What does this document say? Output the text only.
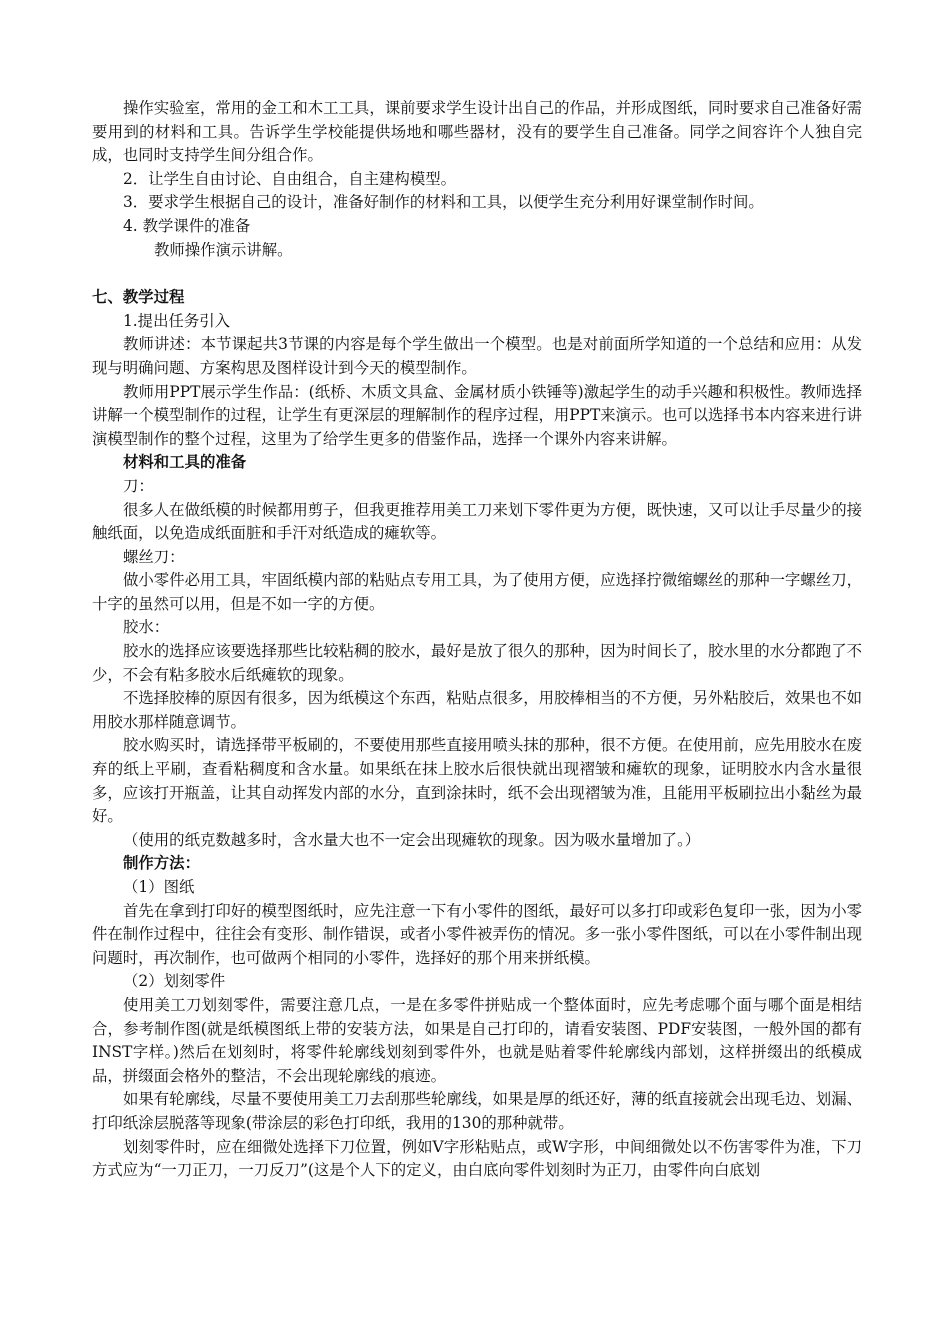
操作实验室，常用的金工和木工工具，课前要求学生设计出自己的作品，并形成图纸，同时要求自己准备好需要用到的材料和工具。告诉学生学校能提供场地和哪些器材，没有的要学生自己准备。同学之间容许个人独自完成，也同时支持学生间分组合作。

2．让学生自由讨论、自由组合，自主建构模型。

3．要求学生根据自己的设计，准备好制作的材料和工具，以便学生充分利用好课堂制作时间。

4. 教学课件的准备

教师操作演示讲解。

七、教学过程

1.提出任务引入

教师讲述：本节课起共3节课的内容是每个学生做出一个模型。也是对前面所学知道的一个总结和应用：从发现与明确问题、方案构思及图样设计到今天的模型制作。

教师用PPT展示学生作品：(纸桥、木质文具盒、金属材质小铁锤等)激起学生的动手兴趣和积极性。教师选择讲解一个模型制作的过程，让学生有更深层的理解制作的程序过程，用PPT来演示。也可以选择书本内容来进行讲演模型制作的整个过程，这里为了给学生更多的借鉴作品，选择一个课外内容来讲解。

材料和工具的准备

刀：

很多人在做纸模的时候都用剪子，但我更推荐用美工刀来划下零件更为方便，既快速，又可以让手尽量少的接触纸面，以免造成纸面脏和手汗对纸造成的瘫软等。

螺丝刀：

做小零件必用工具，牢固纸模内部的粘贴点专用工具，为了使用方便，应选择拧微缩螺丝的那种一字螺丝刀，十字的虽然可以用，但是不如一字的方便。

胶水：

胶水的选择应该要选择那些比较粘稠的胶水，最好是放了很久的那种，因为时间长了，胶水里的水分都跑了不少，不会有粘多胶水后纸瘫软的现象。

不选择胶棒的原因有很多，因为纸模这个东西，粘贴点很多，用胶棒相当的不方便，另外粘胶后，效果也不如用胶水那样随意调节。

胶水购买时，请选择带平板刷的，不要使用那些直接用喷头抹的那种，很不方便。在使用前，应先用胶水在废弃的纸上平刷，查看粘稠度和含水量。如果纸在抹上胶水后很快就出现褶皱和瘫软的现象，证明胶水内含水量很多，应该打开瓶盖，让其自动挥发内部的水分，直到涂抹时，纸不会出现褶皱为准，且能用平板刷拉出小黏丝为最好。

（使用的纸克数越多时，含水量大也不一定会出现瘫软的现象。因为吸水量增加了。）

制作方法：

（1）图纸

首先在拿到打印好的模型图纸时，应先注意一下有小零件的图纸，最好可以多打印或彩色复印一张，因为小零件在制作过程中，往往会有变形、制作错误，或者小零件被弄伤的情况。多一张小零件图纸，可以在小零件制出现问题时，再次制作，也可做两个相同的小零件，选择好的那个用来拼纸模。

（2）划刻零件

使用美工刀划刻零件，需要注意几点，一是在多零件拼贴成一个整体面时，应先考虑哪个面与哪个面是相结合，参考制作图(就是纸模图纸上带的安装方法，如果是自己打印的，请看安装图、PDF安装图，一般外国的都有INST字样。)然后在划刻时，将零件轮廓线划刻到零件外，也就是贴着零件轮廓线内部划，这样拼缀出的纸模成品，拼缀面会格外的整洁，不会出现轮廓线的痕迹。

如果有轮廓线，尽量不要使用美工刀去刮那些轮廓线，如果是厚的纸还好，薄的纸直接就会出现毛边、划漏、打印纸涂层脱落等现象(带涂层的彩色打印纸，我用的130的那种就带。

划刻零件时，应在细微处选择下刀位置，例如V字形粘贴点，或W字形，中间细微处以不伤害零件为准，下刀方式应为“一刀正刀，一刀反刀”(这是个人下的定义，由白底向零件划刻时为正刀，由零件向白底划
